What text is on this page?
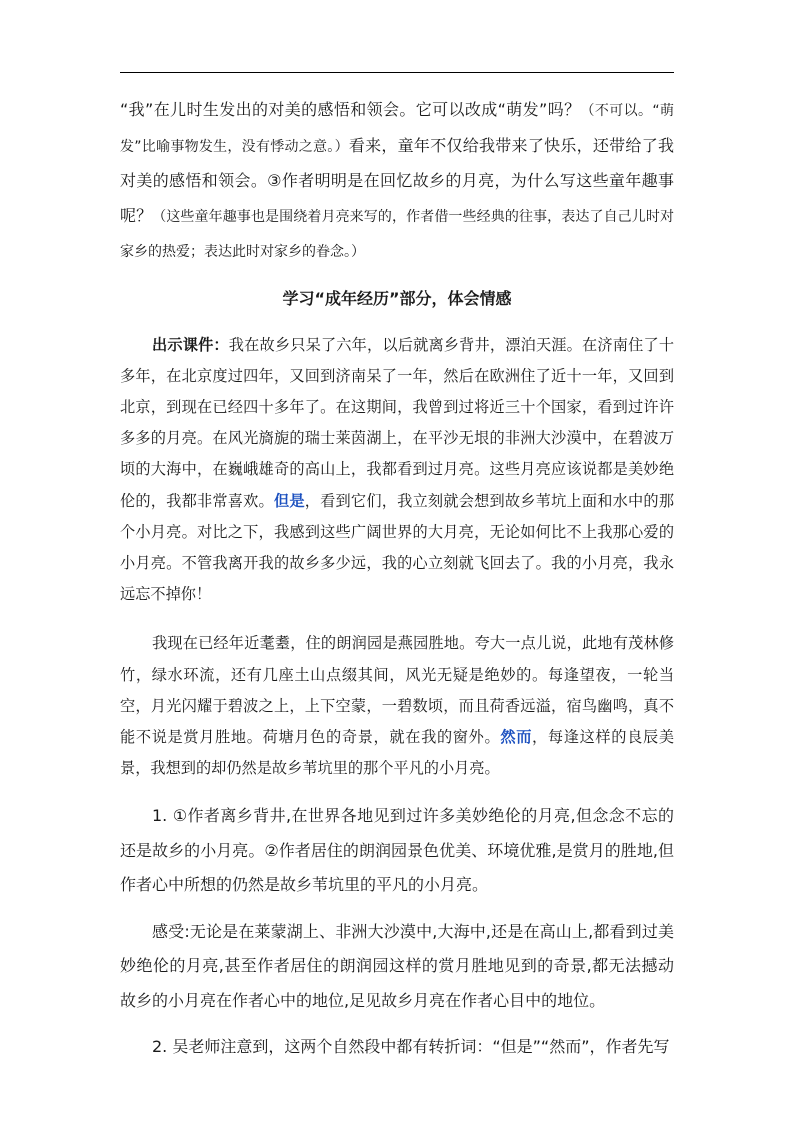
“我”在儿时生发出的对美的感悟和领会。它可以改成“萌发”吗？（不可以。“萌发”比喻事物发生，没有悸动之意。）看来，童年不仅给我带来了快乐，还带给了我对美的感悟和领会。③作者明明是在回忆故乡的月亮，为什么写这些童年趣事呢？（这些童年趣事也是围绕着月亮来写的，作者借一些经典的往事，表达了自己儿时对家乡的热爱；表达此时对家乡的眷念。）

学习“成年经历”部分，体会情感

出示课件：我在故乡只呆了六年，以后就离乡背井，漂泊天涯。在济南住了十多年，在北京度过四年，又回到济南呆了一年，然后在欧洲住了近十一年，又回到北京，到现在已经四十多年了。在这期间，我曾到过将近三十个国家，看到过许许多多的月亮。在风光旖旎的瑞士莱茵湖上，在平沙无垠的非洲大沙漠中，在碧波万顷的大海中，在巍峨雄奇的高山上，我都看到过月亮。这些月亮应该说都是美妙绝伦的，我都非常喜欢。但是，看到它们，我立刻就会想到故乡苇坑上面和水中的那个小月亮。对比之下，我感到这些广阔世界的大月亮，无论如何比不上我那心爱的小月亮。不管我离开我的故乡多少远，我的心立刻就飞回去了。我的小月亮，我永远忘不掉你！

我现在已经年近耄耋，住的朗润园是燕园胜地。夸大一点儿说，此地有茂林修竹，绿水环流，还有几座土山点缀其间，风光无疑是绝妙的。每逢望夜，一轮当空，月光闪耀于碧波之上，上下空蒙，一碧数顷，而且荷香远溢，宿鸟幽鸣，真不能不说是赏月胜地。荷塘月色的奇景，就在我的窗外。然而，每逢这样的良辰美景，我想到的却仍然是故乡苇坑里的那个平凡的小月亮。

1. ①作者离乡背井,在世界各地见到过许多美妙绝伦的月亮,但念念不忘的还是故乡的小月亮。②作者居住的朗润园景色优美、环境优雅,是赏月的胜地,但作者心中所想的仍然是故乡苇坑里的平凡的小月亮。

感受:无论是在莱蒙湖上、非洲大沙漠中,大海中,还是在高山上,都看到过美妙绝伦的月亮,甚至作者居住的朗润园这样的赏月胜地见到的奇景,都无法撼动故乡的小月亮在作者心中的地位,足见故乡月亮在作者心目中的地位。

2. 吴老师注意到，这两个自然段中都有转折词：“但是”“然而”，作者先写
